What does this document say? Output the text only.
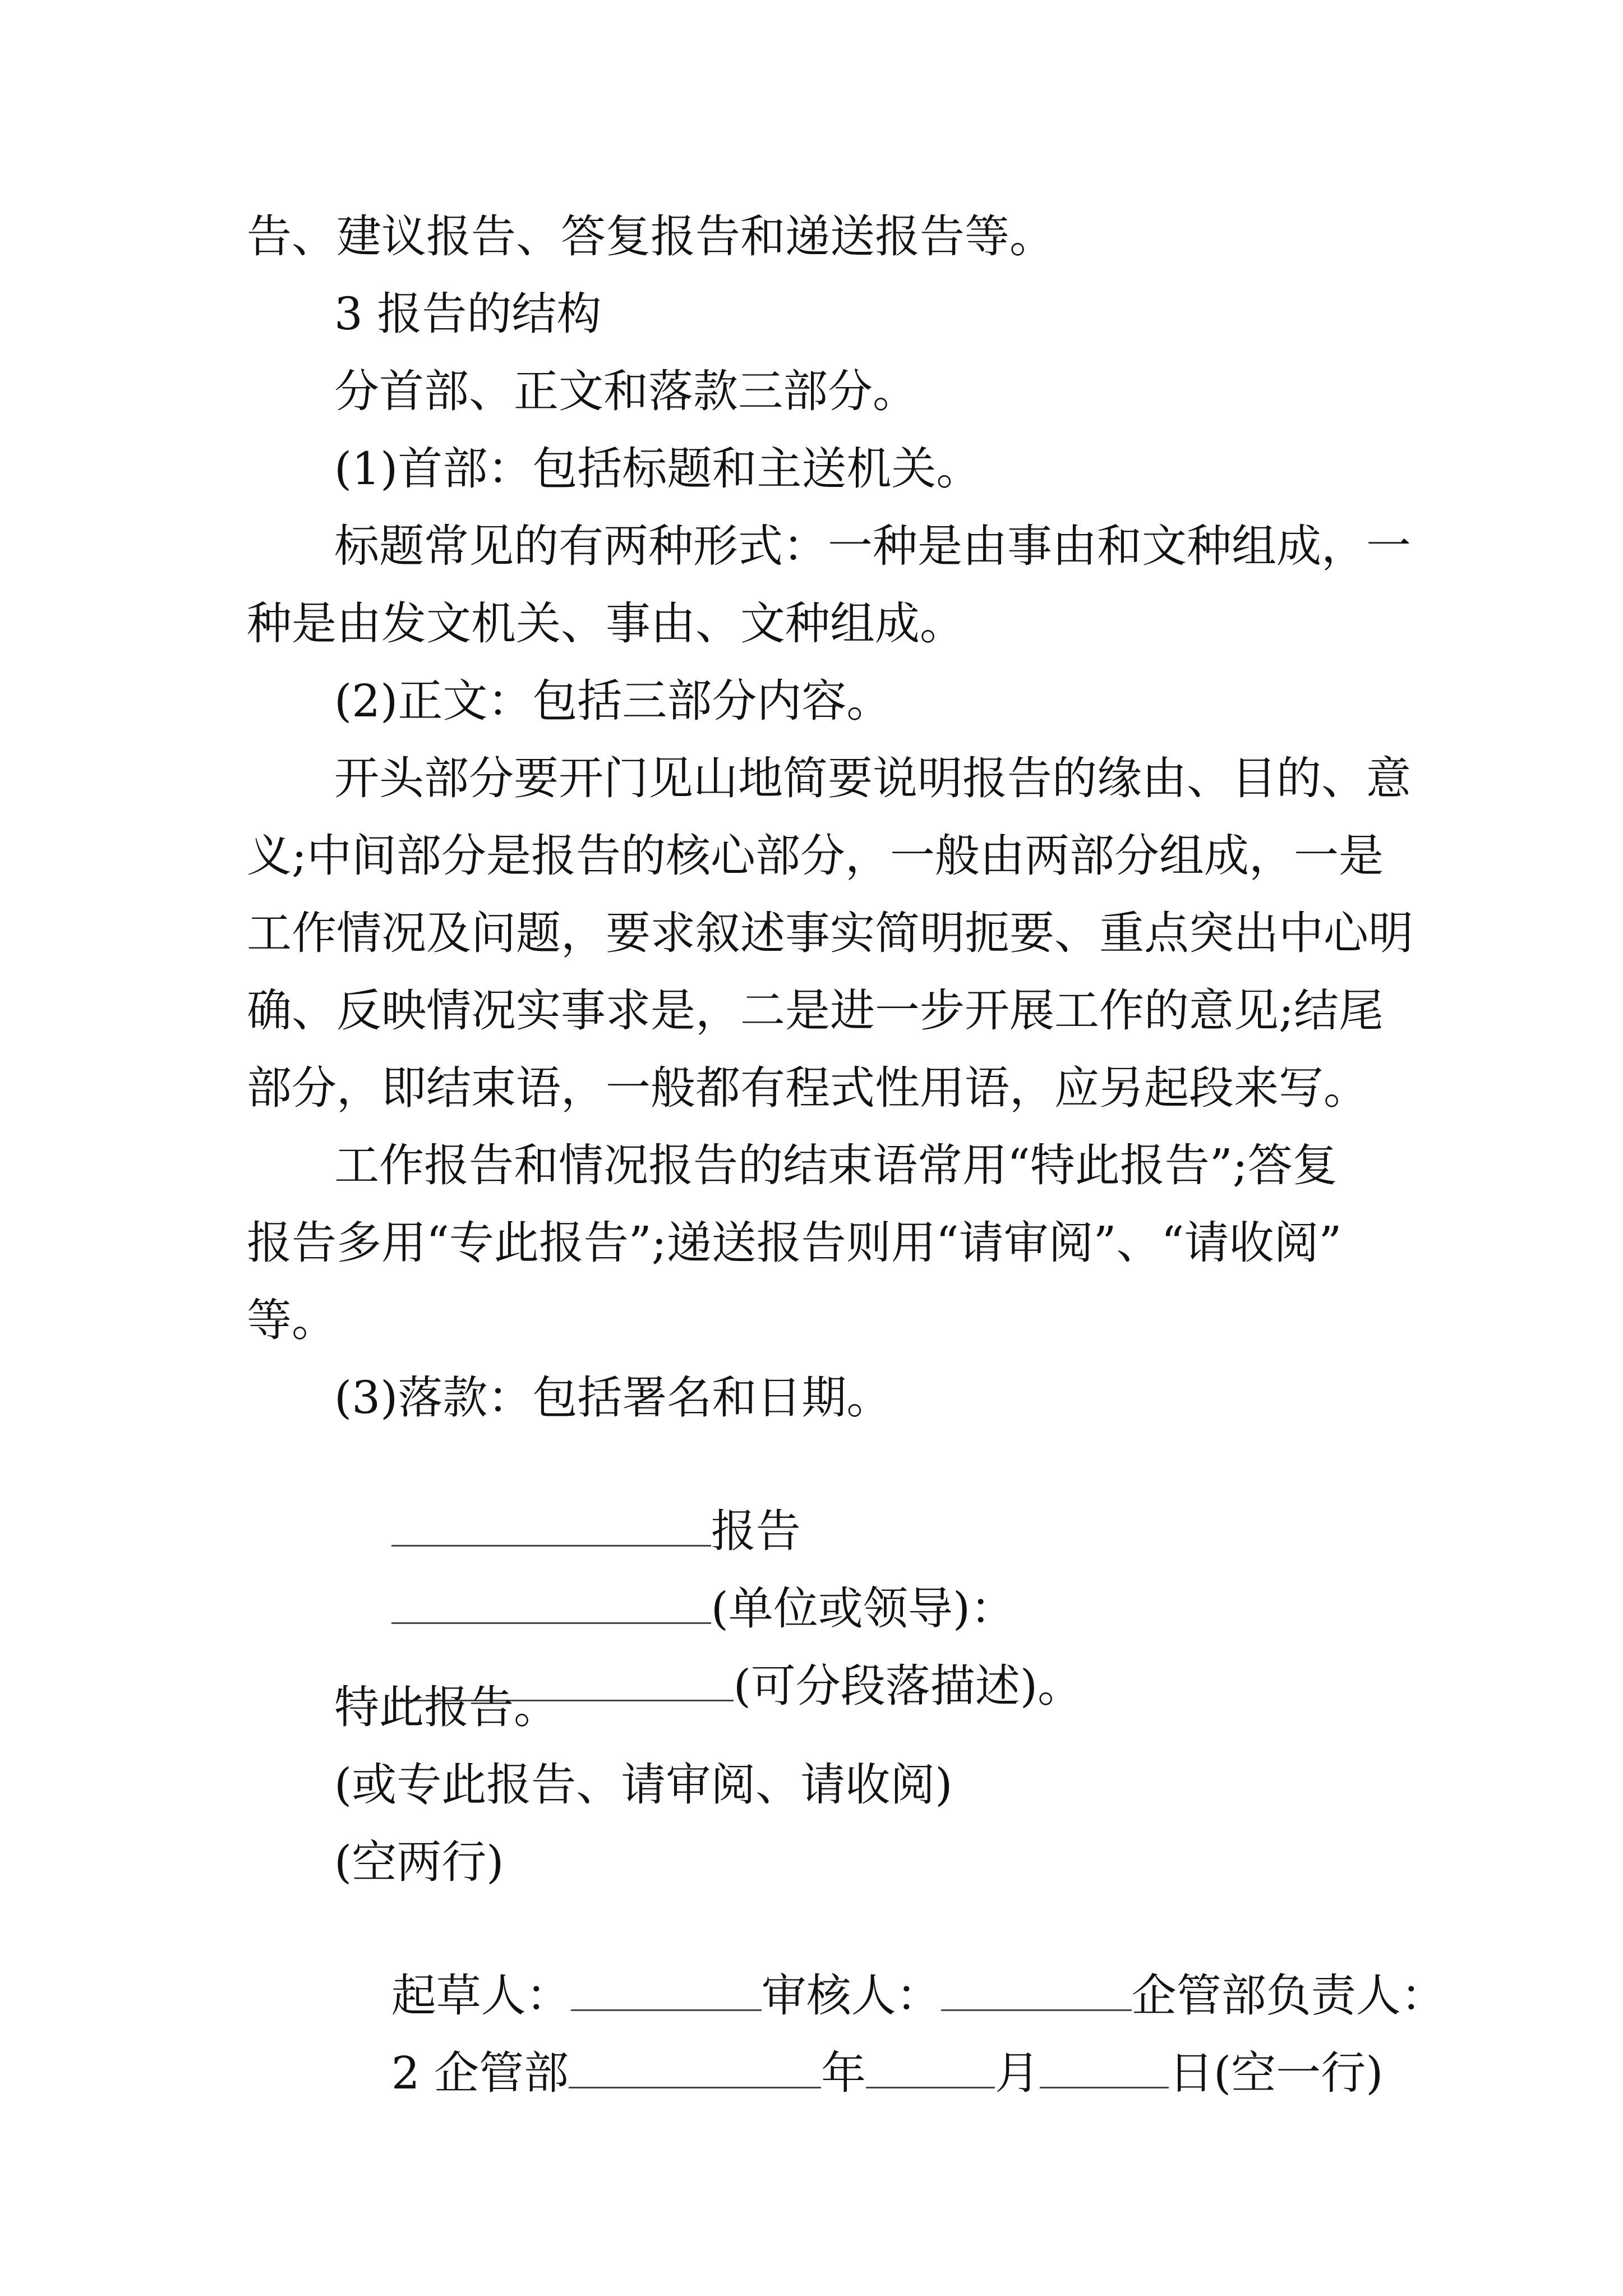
告、建议报告、答复报告和递送报告等。
3 报告的结构
分首部、正文和落款三部分。
(1)首部：包括标题和主送机关。
标题常见的有两种形式：一种是由事由和文种组成，一
种是由发文机关、事由、文种组成。
(2)正文：包括三部分内容。
开头部分要开门见山地简要说明报告的缘由、目的、意
义;中间部分是报告的核心部分，一般由两部分组成，一是
工作情况及问题，要求叙述事实简明扼要、重点突出中心明
确、反映情况实事求是，二是进一步开展工作的意见;结尾
部分，即结束语，一般都有程式性用语，应另起段来写。
工作报告和情况报告的结束语常用“特此报告”;答复
报告多用“专此报告”;递送报告则用“请审阅”、“请收阅”
等。
(3)落款：包括署名和日期。

报告

(单位或领导)：

(可分段落描述)。

特此报告。
(或专此报告、请审阅、请收阅)
(空两行)

起草人：	审核人：	企管部负责人：

2 企管部	年	月	日(空一行)
